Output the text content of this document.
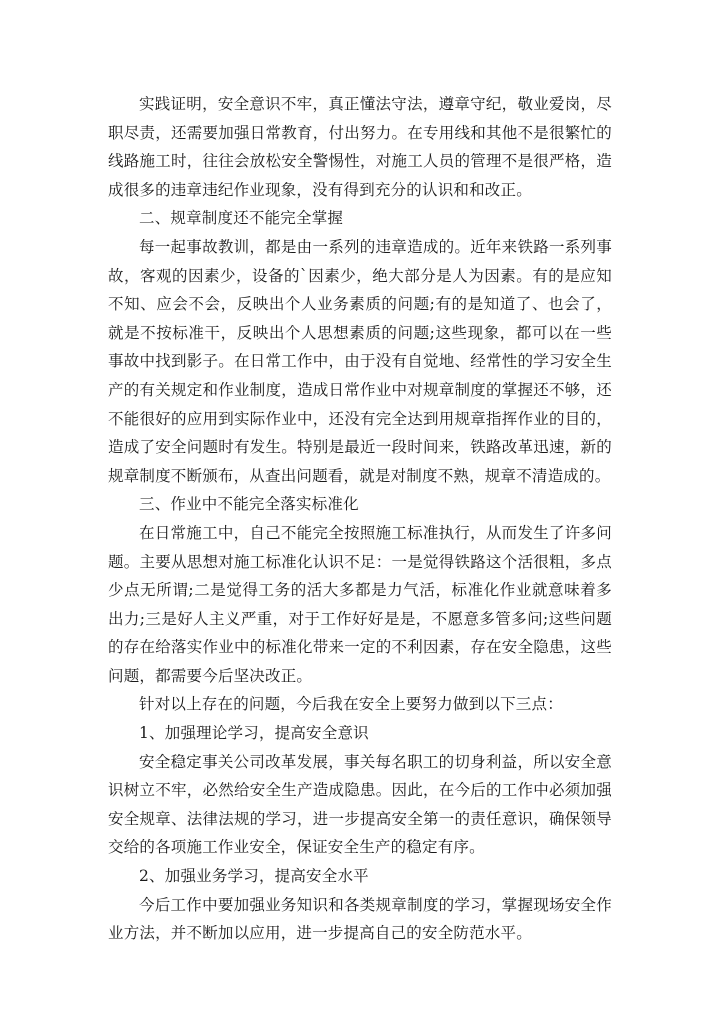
实践证明，安全意识不牢，真正懂法守法，遵章守纪，敬业爱岗，尽职尽责，还需要加强日常教育，付出努力。在专用线和其他不是很繁忙的线路施工时，往往会放松安全警惕性，对施工人员的管理不是很严格，造成很多的违章违纪作业现象，没有得到充分的认识和和改正。

二、规章制度还不能完全掌握

每一起事故教训，都是由一系列的违章造成的。近年来铁路一系列事故，客观的因素少，设备的`因素少，绝大部分是人为因素。有的是应知不知、应会不会，反映出个人业务素质的问题;有的是知道了、也会了，就是不按标准干，反映出个人思想素质的问题;这些现象，都可以在一些事故中找到影子。在日常工作中，由于没有自觉地、经常性的学习安全生产的有关规定和作业制度，造成日常作业中对规章制度的掌握还不够，还不能很好的应用到实际作业中，还没有完全达到用规章指挥作业的目的，造成了安全问题时有发生。特别是最近一段时间来，铁路改革迅速，新的规章制度不断颁布，从查出问题看，就是对制度不熟，规章不清造成的。

三、作业中不能完全落实标准化

在日常施工中，自己不能完全按照施工标准执行，从而发生了许多问题。主要从思想对施工标准化认识不足：一是觉得铁路这个活很粗，多点少点无所谓;二是觉得工务的活大多都是力气活，标准化作业就意味着多出力;三是好人主义严重，对于工作好好是是，不愿意多管多问;这些问题的存在给落实作业中的标准化带来一定的不利因素，存在安全隐患，这些问题，都需要今后坚决改正。

针对以上存在的问题，今后我在安全上要努力做到以下三点：

1、加强理论学习，提高安全意识

安全稳定事关公司改革发展，事关每名职工的切身利益，所以安全意识树立不牢，必然给安全生产造成隐患。因此，在今后的工作中必须加强安全规章、法律法规的学习，进一步提高安全第一的责任意识，确保领导交给的各项施工作业安全，保证安全生产的稳定有序。

2、加强业务学习，提高安全水平

今后工作中要加强业务知识和各类规章制度的学习，掌握现场安全作业方法，并不断加以应用，进一步提高自己的安全防范水平。
